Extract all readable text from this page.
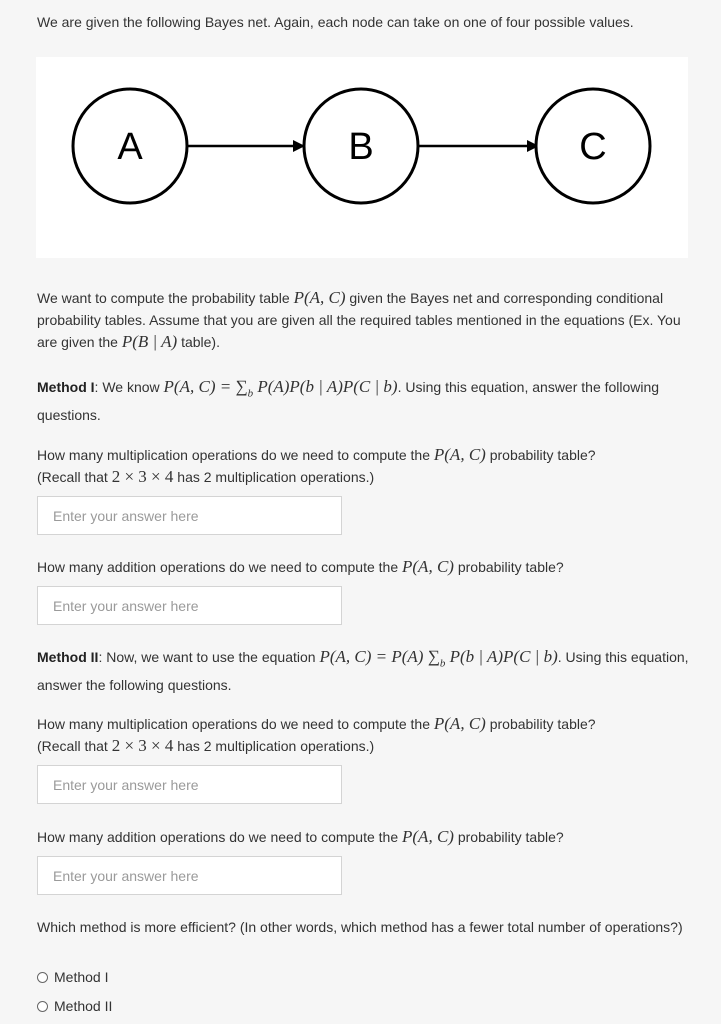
We are given the following Bayes net. Again, each node can take on one of four possible values.
A	B	C
We want to compute the probability table P(A, C) given the Bayes net and corresponding conditional probability tables. Assume that you are given all the required tables mentioned in the equations (Ex. You are given the P(B | A) table).
Method I: We know P(A, $C) = \sum_b$ P(A)P(b | A)P(C | b). Using this equation, answer the following questions.
How many multiplication operations do we need to compute the P(A, C) probability table?
(Recall that 2 × 3 × 4 has 2 multiplication operations.)
Enter your answer here
How many addition operations do we need to compute the P(A, C) probability table?
Enter your answer here
Method II: Now, we want to use the equation P(A, C) = P(A) $\sum_b$ P(b | A)P(C | b). Using this equation, answer the following questions.
How many multiplication operations do we need to compute the P(A, C) probability table?
(Recall that 2 × 3 × 4 has 2 multiplication operations.)
Enter your answer here
How many addition operations do we need to compute the P(A, C) probability table?
Enter your answer here
Which method is more efficient? (In other words, which method has a fewer total number of operations?)
Method I
Method II
